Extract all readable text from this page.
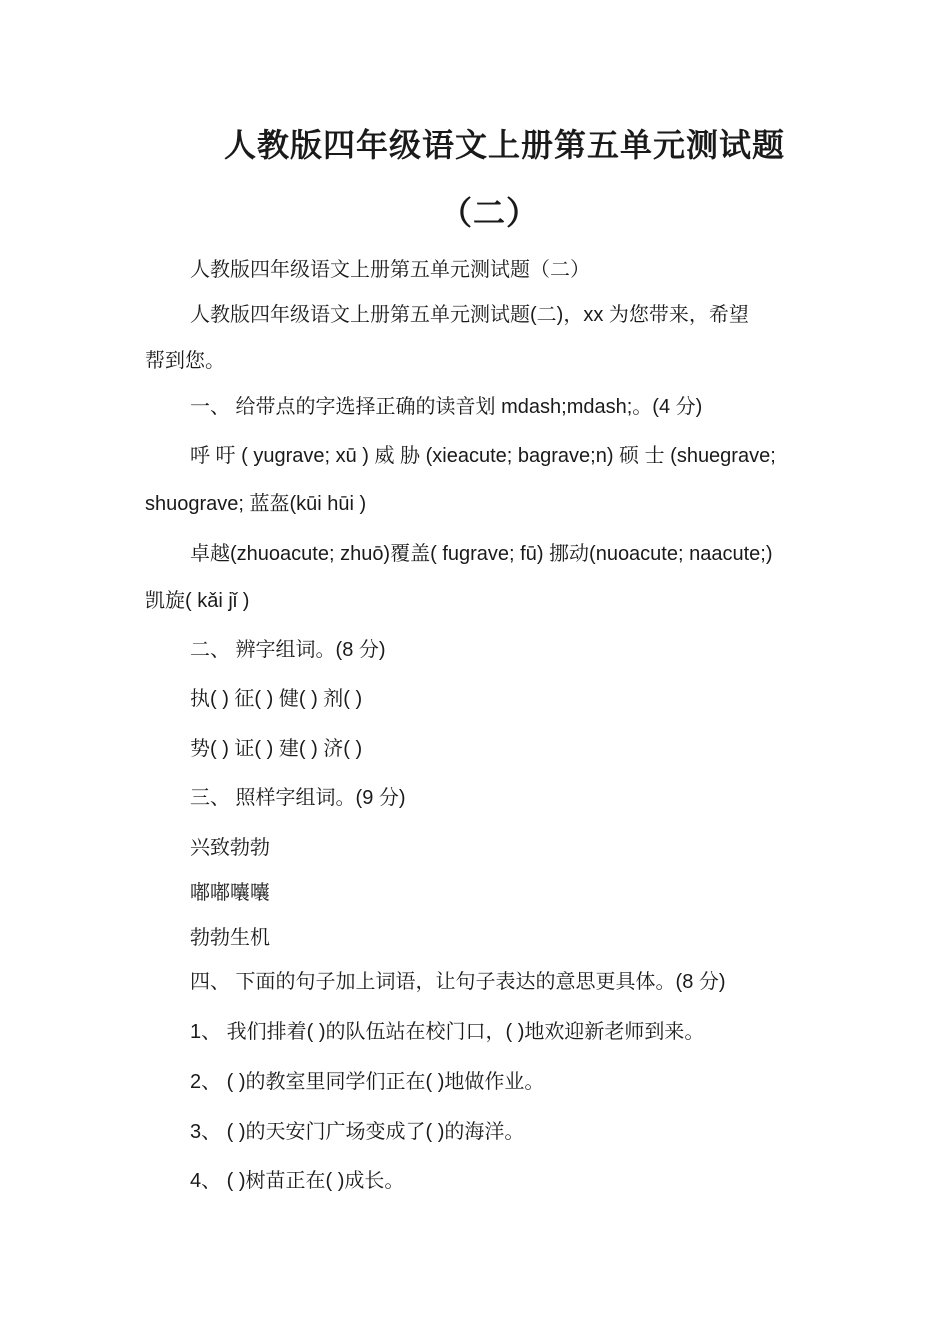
人教版四年级语文上册第五单元测试题
（二）
人教版四年级语文上册第五单元测试题（二）
人教版四年级语文上册第五单元测试题(二)，xx 为您带来，希望
帮到您。
一、 给带点的字选择正确的读音划 mdash;mdash;。(4 分)
呼 吁 ( yugrave; xū ) 威 胁 (xieacute; bagrave;n) 硕 士 (shuegrave;
shuograve; 蓝盔(kūi hūi )
卓越(zhuoacute; zhuō)覆盖( fugrave; fū) 挪动(nuoacute; naacute;)
凯旋( kǎi jǐ )
二、 辨字组词。(8 分)
执( ) 征( ) 健( ) 剂( )
势( ) 证( ) 建( ) 济( )
三、 照样字组词。(9 分)
兴致勃勃
嘟嘟囔囔
勃勃生机
四、 下面的句子加上词语，让句子表达的意思更具体。(8 分)
1、 我们排着( )的队伍站在校门口，( )地欢迎新老师到来。
2、 ( )的教室里同学们正在( )地做作业。
3、 ( )的天安门广场变成了( )的海洋。
4、 ( )树苗正在( )成长。
